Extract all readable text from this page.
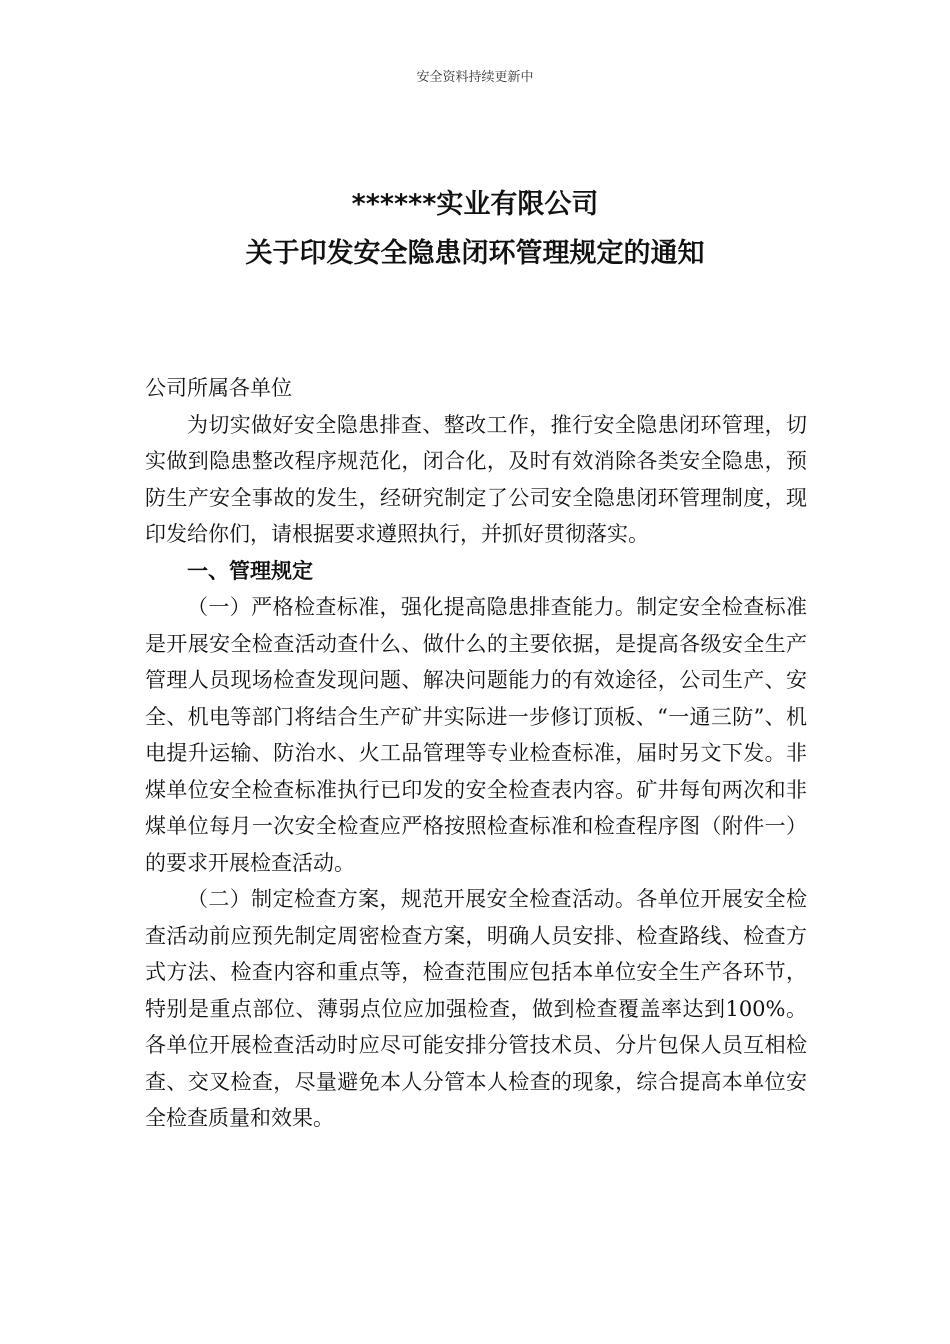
安全资料持续更新中
******实业有限公司
关于印发安全隐患闭环管理规定的通知

公司所属各单位

为切实做好安全隐患排查、整改工作，推行安全隐患闭环管理，切实做到隐患整改程序规范化，闭合化，及时有效消除各类安全隐患，预防生产安全事故的发生，经研究制定了公司安全隐患闭环管理制度，现印发给你们，请根据要求遵照执行，并抓好贯彻落实。

一、管理规定

（一）严格检查标准，强化提高隐患排查能力。制定安全检查标准是开展安全检查活动查什么、做什么的主要依据，是提高各级安全生产管理人员现场检查发现问题、解决问题能力的有效途径，公司生产、安全、机电等部门将结合生产矿井实际进一步修订顶板、“一通三防”、机电提升运输、防治水、火工品管理等专业检查标准，届时另文下发。非煤单位安全检查标准执行已印发的安全检查表内容。矿井每旬两次和非煤单位每月一次安全检查应严格按照检查标准和检查程序图（附件一）的要求开展检查活动。

（二）制定检查方案，规范开展安全检查活动。各单位开展安全检查活动前应预先制定周密检查方案，明确人员安排、检查路线、检查方式方法、检查内容和重点等，检查范围应包括本单位安全生产各环节，特别是重点部位、薄弱点位应加强检查，做到检查覆盖率达到100%。各单位开展检查活动时应尽可能安排分管技术员、分片包保人员互相检查、交叉检查，尽量避免本人分管本人检查的现象，综合提高本单位安全检查质量和效果。
